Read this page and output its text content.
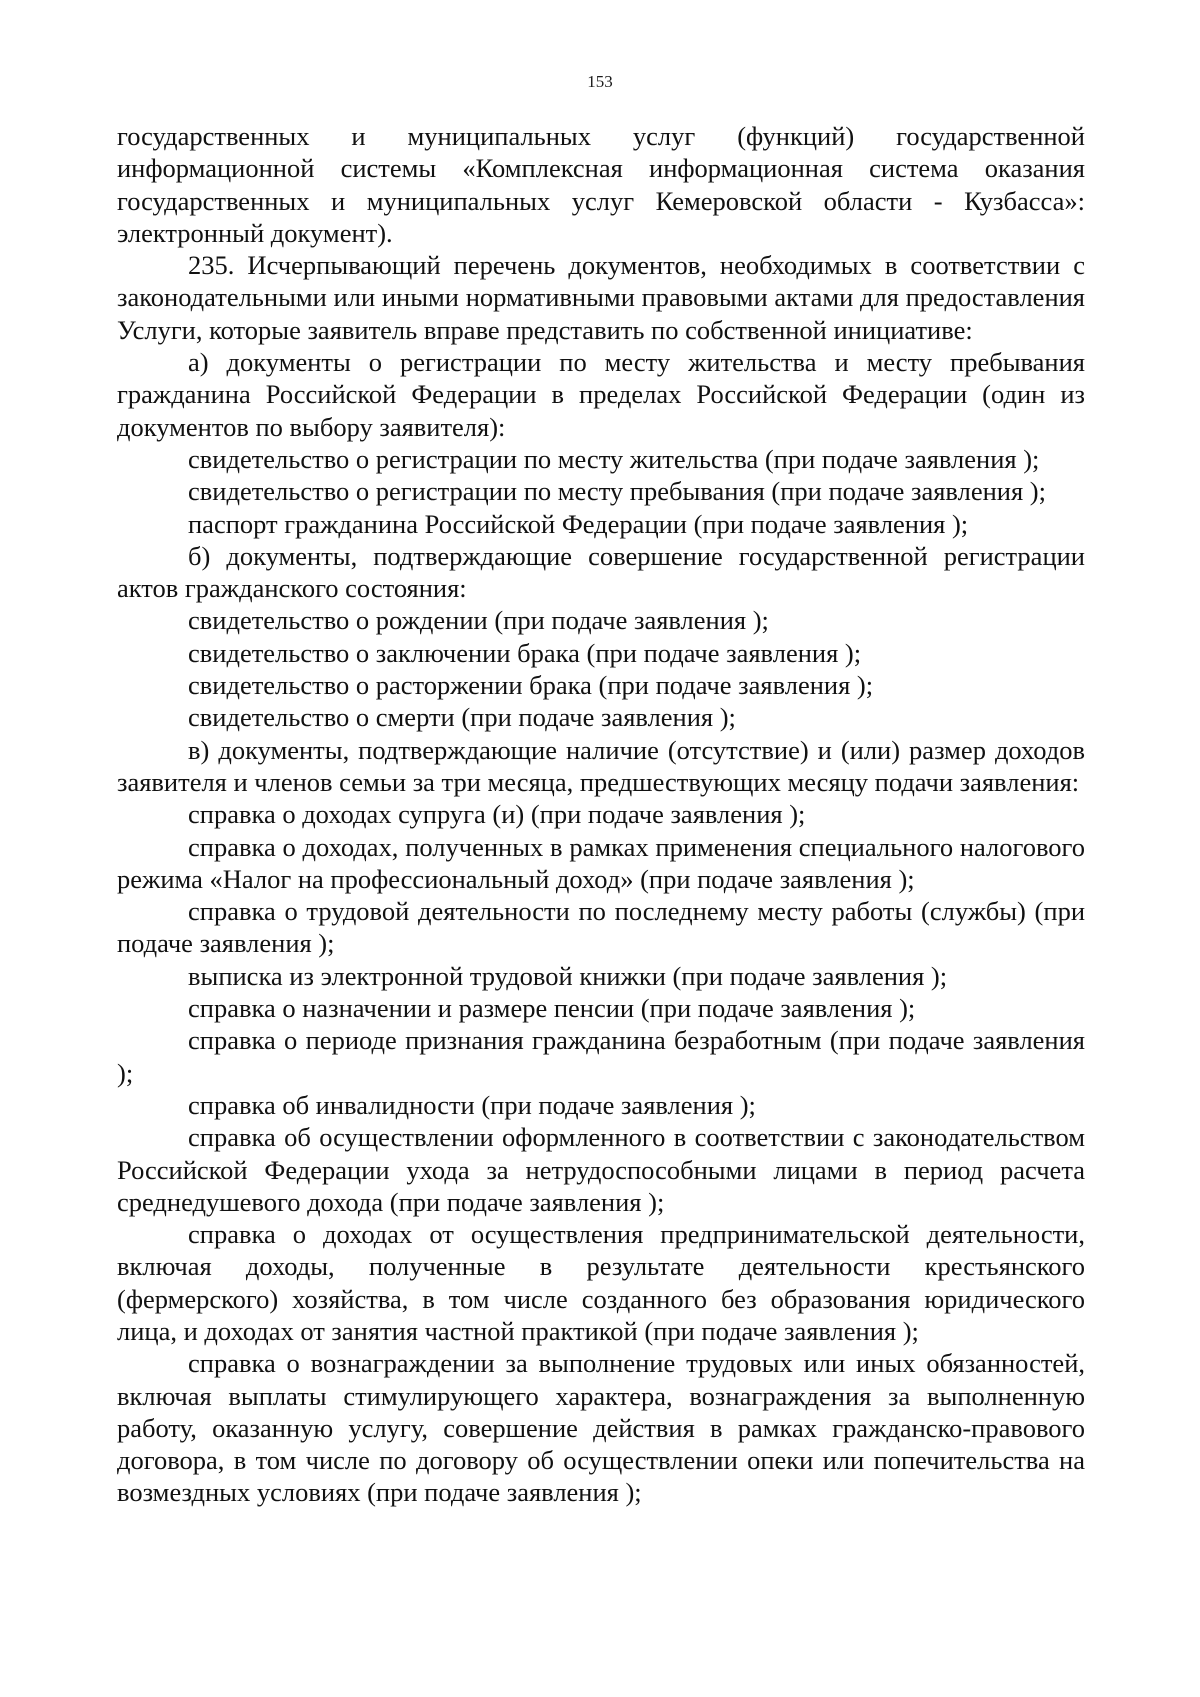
153

государственных и муниципальных услуг (функций) государственной информационной системы «Комплексная информационная система оказания государственных и муниципальных услуг Кемеровской области - Кузбасса»: электронный документ).

235. Исчерпывающий перечень документов, необходимых в соответствии с законодательными или иными нормативными правовыми актами для предоставления Услуги, которые заявитель вправе представить по собственной инициативе:

а) документы о регистрации по месту жительства и месту пребывания гражданина Российской Федерации в пределах Российской Федерации (один из документов по выбору заявителя):

свидетельство о регистрации по месту жительства (при подаче заявления );

свидетельство о регистрации по месту пребывания (при подаче заявления );

паспорт гражданина Российской Федерации (при подаче заявления );

б) документы, подтверждающие совершение государственной регистрации актов гражданского состояния:

свидетельство о рождении (при подаче заявления );

свидетельство о заключении брака (при подаче заявления );

свидетельство о расторжении брака (при подаче заявления );

свидетельство о смерти (при подаче заявления );

в) документы, подтверждающие наличие (отсутствие) и (или) размер доходов заявителя и членов семьи за три месяца, предшествующих месяцу подачи заявления:

справка о доходах супруга (и) (при подаче заявления );

справка о доходах, полученных в рамках применения специального налогового режима «Налог на профессиональный доход» (при подаче заявления );

справка о трудовой деятельности по последнему месту работы (службы) (при подаче заявления );

выписка из электронной трудовой книжки (при подаче заявления );

справка о назначении и размере пенсии (при подаче заявления );

справка о периоде признания гражданина безработным (при подаче заявления );

справка об инвалидности (при подаче заявления );

справка об осуществлении оформленного в соответствии с законодательством Российской Федерации ухода за нетрудоспособными лицами в период расчета среднедушевого дохода (при подаче заявления );

справка о доходах от осуществления предпринимательской деятельности, включая доходы, полученные в результате деятельности крестьянского (фермерского) хозяйства, в том числе созданного без образования юридического лица, и доходах от занятия частной практикой (при подаче заявления );

справка о вознаграждении за выполнение трудовых или иных обязанностей, включая выплаты стимулирующего характера, вознаграждения за выполненную работу, оказанную услугу, совершение действия в рамках гражданско-правового договора, в том числе по договору об осуществлении опеки или попечительства на возмездных условиях (при подаче заявления );
